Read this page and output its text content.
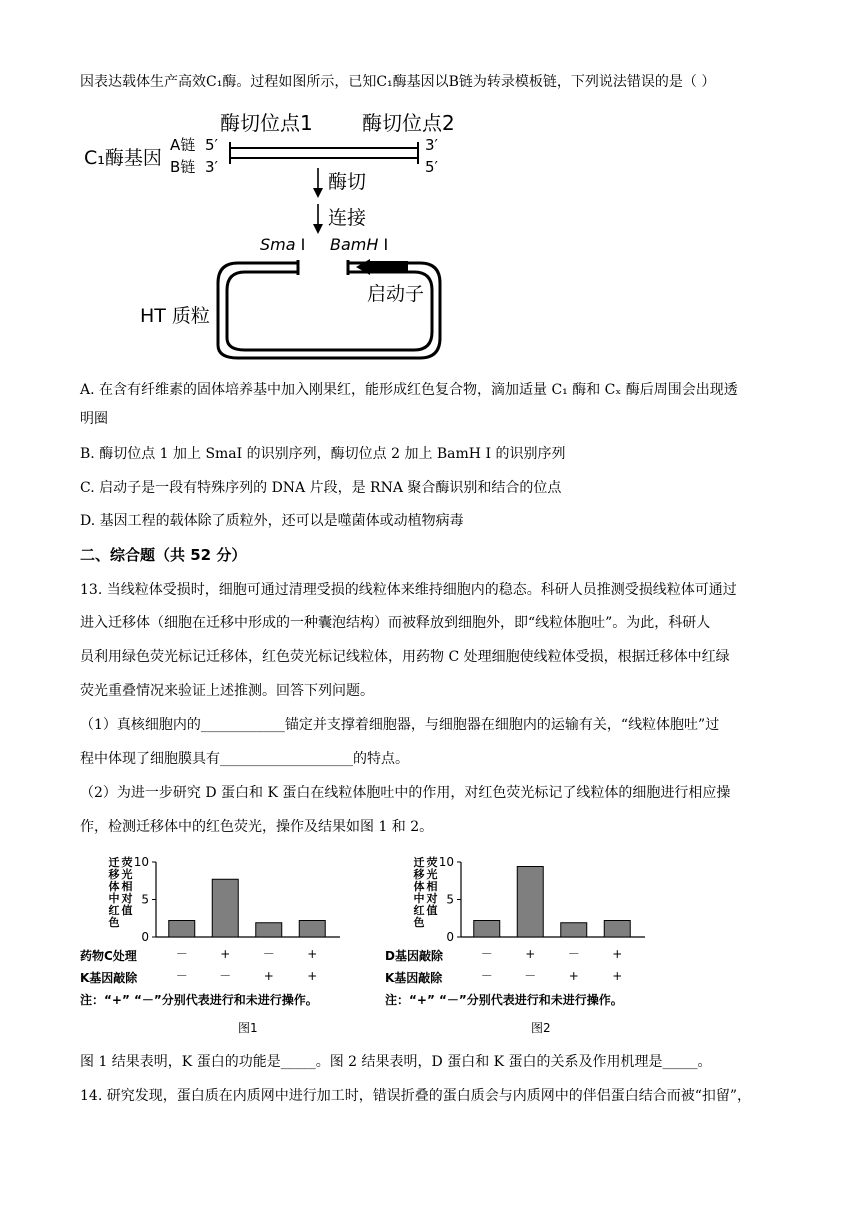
因表达载体生产高效C₁酶。过程如图所示，已知C₁酶基因以B链为转录模板链，下列说法错误的是（ ）
酶切位点1 酶切位点2
C₁酶基因
A链
B链
5′
3′
3′
5′
酶切
连接
Sma I BamH I
启动子
HT 质粒
A. 在含有纤维素的固体培养基中加入刚果红，能形成红色复合物，滴加适量 C₁ 酶和 Cₓ 酶后周围会出现透
明圈
B. 酶切位点 1 加上 SmaI 的识别序列，酶切位点 2 加上 BamH Ⅰ 的识别序列
C. 启动子是一段有特殊序列的 DNA 片段，是 RNA 聚合酶识别和结合的位点
D. 基因工程的载体除了质粒外，还可以是噬菌体或动植物病毒
二、综合题（共 52 分）
13. 当线粒体受损时，细胞可通过清理受损的线粒体来维持细胞内的稳态。科研人员推测受损线粒体可通过
进入迁移体（细胞在迁移中形成的一种囊泡结构）而被释放到细胞外，即“线粒体胞吐”。为此，科研人
员利用绿色荧光标记迁移体，红色荧光标记线粒体，用药物 C 处理细胞使线粒体受损，根据迁移体中红绿
荧光重叠情况来验证上述推测。回答下列问题。
（1）真核细胞内的____________锚定并支撑着细胞器，与细胞器在细胞内的运输有关，“线粒体胞吐”过
程中体现了细胞膜具有___________________的特点。
（2）为进一步研究 D 蛋白和 K 蛋白在线粒体胞吐中的作用，对红色荧光标记了线粒体的细胞进行相应操
作，检测迁移体中的红色荧光，操作及结果如图 1 和 2。
迁
移
体
中
红
色
荧
光
相
对
值
0
5
10
药物C处理	－	+	－	+
K基因敲除	－	－	+	+
注：“+” “－”分别代表进行和未进行操作。
图1
迁
移
体
中
红
色
荧
光
相
对
值
0
5
10
D基因敲除	－	+	－	+
K基因敲除	－	－	+	+
注：“+” “－”分别代表进行和未进行操作。
图2
图 1 结果表明，K 蛋白的功能是_____。图 2 结果表明，D 蛋白和 K 蛋白的关系及作用机理是_____。
14. 研究发现，蛋白质在内质网中进行加工时，错误折叠的蛋白质会与内质网中的伴侣蛋白结合而被“扣留”，
